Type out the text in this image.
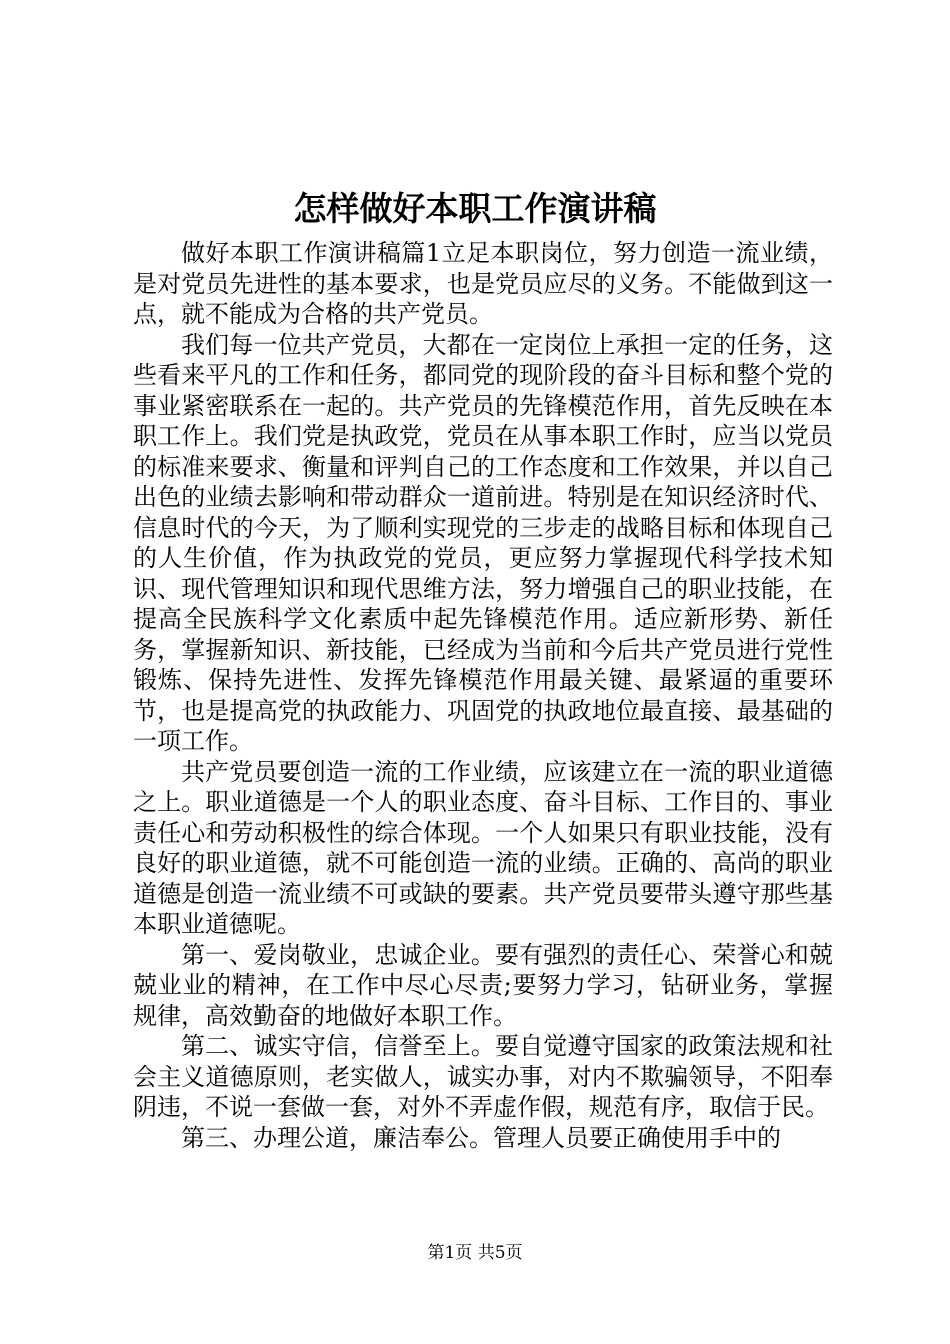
怎样做好本职工作演讲稿

做好本职工作演讲稿篇1立足本职岗位，努力创造一流业绩，是对党员先进性的基本要求，也是党员应尽的义务。不能做到这一点，就不能成为合格的共产党员。

我们每一位共产党员，大都在一定岗位上承担一定的任务，这些看来平凡的工作和任务，都同党的现阶段的奋斗目标和整个党的事业紧密联系在一起的。共产党员的先锋模范作用，首先反映在本职工作上。我们党是执政党，党员在从事本职工作时，应当以党员的标准来要求、衡量和评判自己的工作态度和工作效果，并以自己出色的业绩去影响和带动群众一道前进。特别是在知识经济时代、信息时代的今天，为了顺利实现党的三步走的战略目标和体现自己的人生价值，作为执政党的党员，更应努力掌握现代科学技术知识、现代管理知识和现代思维方法，努力增强自己的职业技能，在提高全民族科学文化素质中起先锋模范作用。适应新形势、新任务，掌握新知识、新技能，已经成为当前和今后共产党员进行党性锻炼、保持先进性、发挥先锋模范作用最关键、最紧逼的重要环节，也是提高党的执政能力、巩固党的执政地位最直接、最基础的一项工作。

共产党员要创造一流的工作业绩，应该建立在一流的职业道德之上。职业道德是一个人的职业态度、奋斗目标、工作目的、事业责任心和劳动积极性的综合体现。一个人如果只有职业技能，没有良好的职业道德，就不可能创造一流的业绩。正确的、高尚的职业道德是创造一流业绩不可或缺的要素。共产党员要带头遵守那些基本职业道德呢。

第一、爱岗敬业，忠诚企业。要有强烈的责任心、荣誉心和兢兢业业的精神，在工作中尽心尽责;要努力学习，钻研业务，掌握规律，高效勤奋的地做好本职工作。

第二、诚实守信，信誉至上。要自觉遵守国家的政策法规和社会主义道德原则，老实做人，诚实办事，对内不欺骗领导，不阳奉阴违，不说一套做一套，对外不弄虚作假，规范有序，取信于民。

第三、办理公道，廉洁奉公。管理人员要正确使用手中的

第1页 共5页
